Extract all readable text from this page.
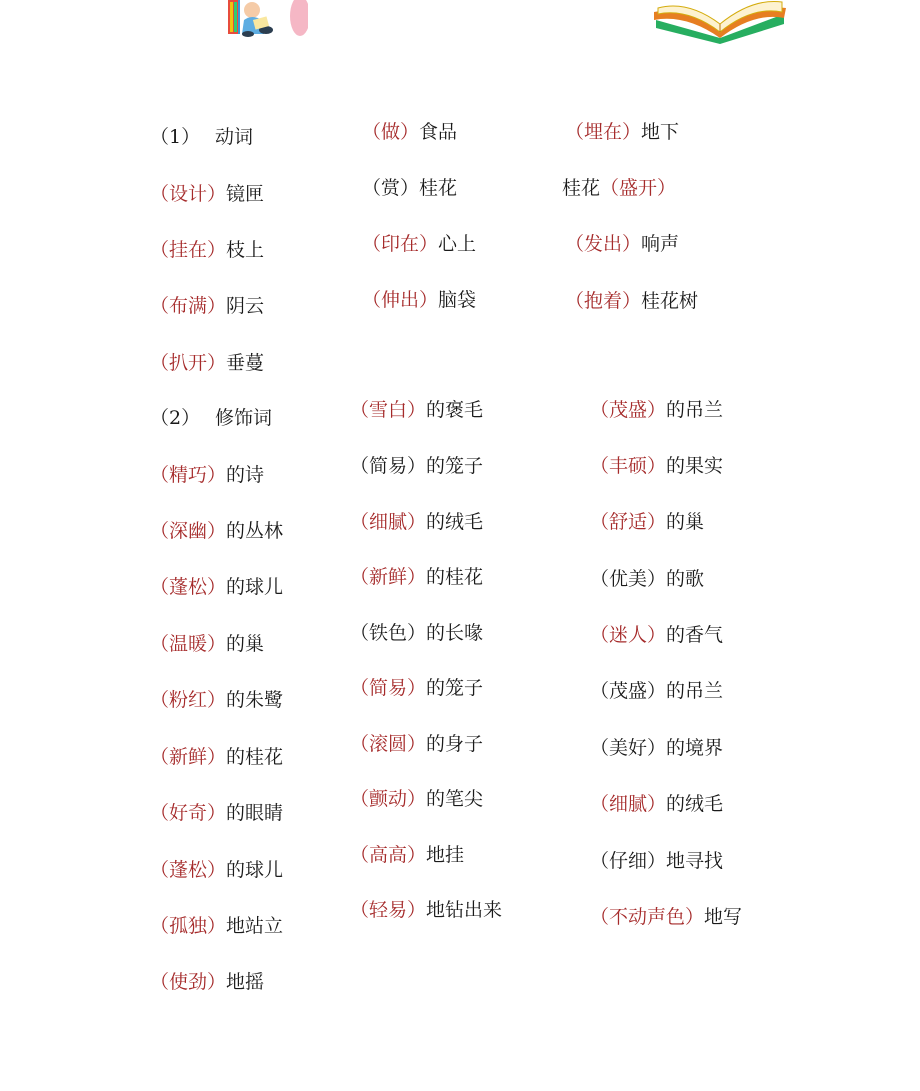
（1） 动词
（设计）镜匣
（挂在）枝上
（布满）阴云
（扒开）垂蔓
（做）食品
（赏）桂花
（印在）心上
（伸出）脑袋
（埋在）地下
桂花（盛开）
（发出）响声
（抱着）桂花树
（2） 修饰词
（精巧）的诗
（深幽）的丛林
（蓬松）的球儿
（温暖）的巢
（粉红）的朱鹭
（新鲜）的桂花
（好奇）的眼睛
（蓬松）的球儿
（孤独）地站立
（使劲）地摇
（雪白）的褒毛
（简易）的笼子
（细腻）的绒毛
（新鲜）的桂花
（铁色）的长喙
（简易）的笼子
（滚圆）的身子
（颤动）的笔尖
（高高）地挂
（轻易）地钻出来
（茂盛）的吊兰
（丰硕）的果实
（舒适）的巢
（优美）的歌
（迷人）的香气
（茂盛）的吊兰
（美好）的境界
（细腻）的绒毛
（仔细）地寻找
（不动声色）地写
